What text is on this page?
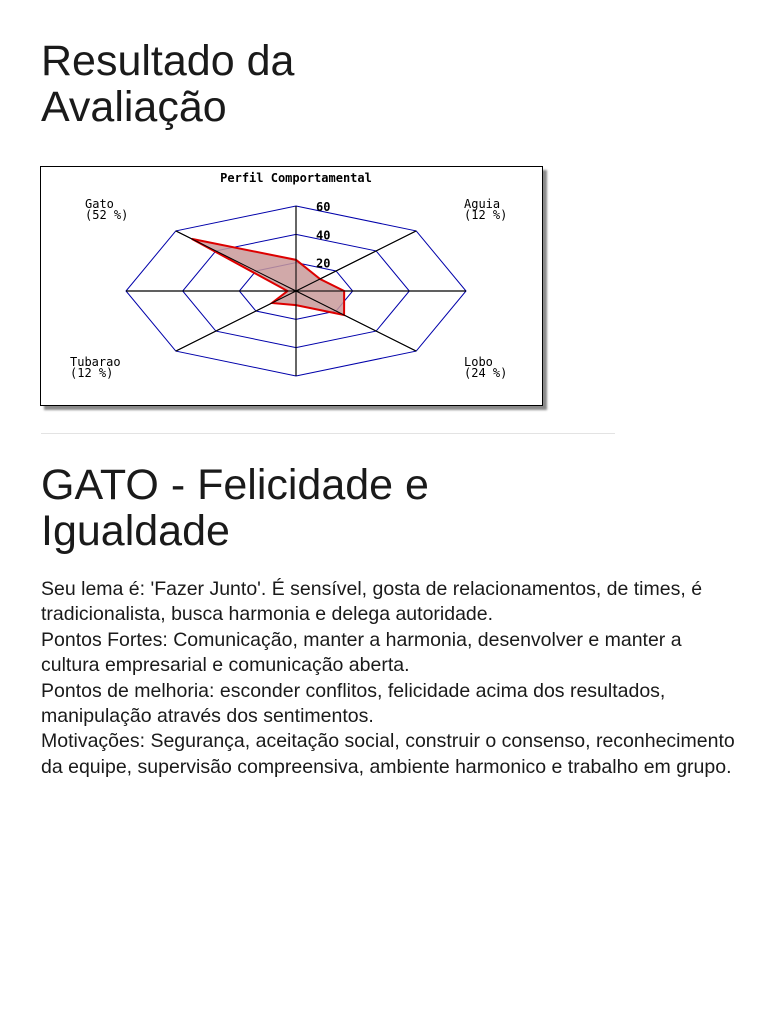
Resultado da
Avaliação
Perfil Comportamental
20
40
60	Aguia
(12 %)
Lobo
(24 %)
Tubarao
(12 %)
Gato
(52 %)
GATO - Felicidade e
Igualdade

Seu lema é: 'Fazer Junto'. É sensível, gosta de relacionamentos, de times, é tradicionalista, busca harmonia e delega autoridade.

Pontos Fortes: Comunicação, manter a harmonia, desenvolver e manter a cultura empresarial e comunicação aberta.

Pontos de melhoria: esconder conflitos, felicidade acima dos resultados, manipulação através dos sentimentos.

Motivações: Segurança, aceitação social, construir o consenso, reconhecimento da equipe, supervisão compreensiva, ambiente harmonico e trabalho em grupo.
